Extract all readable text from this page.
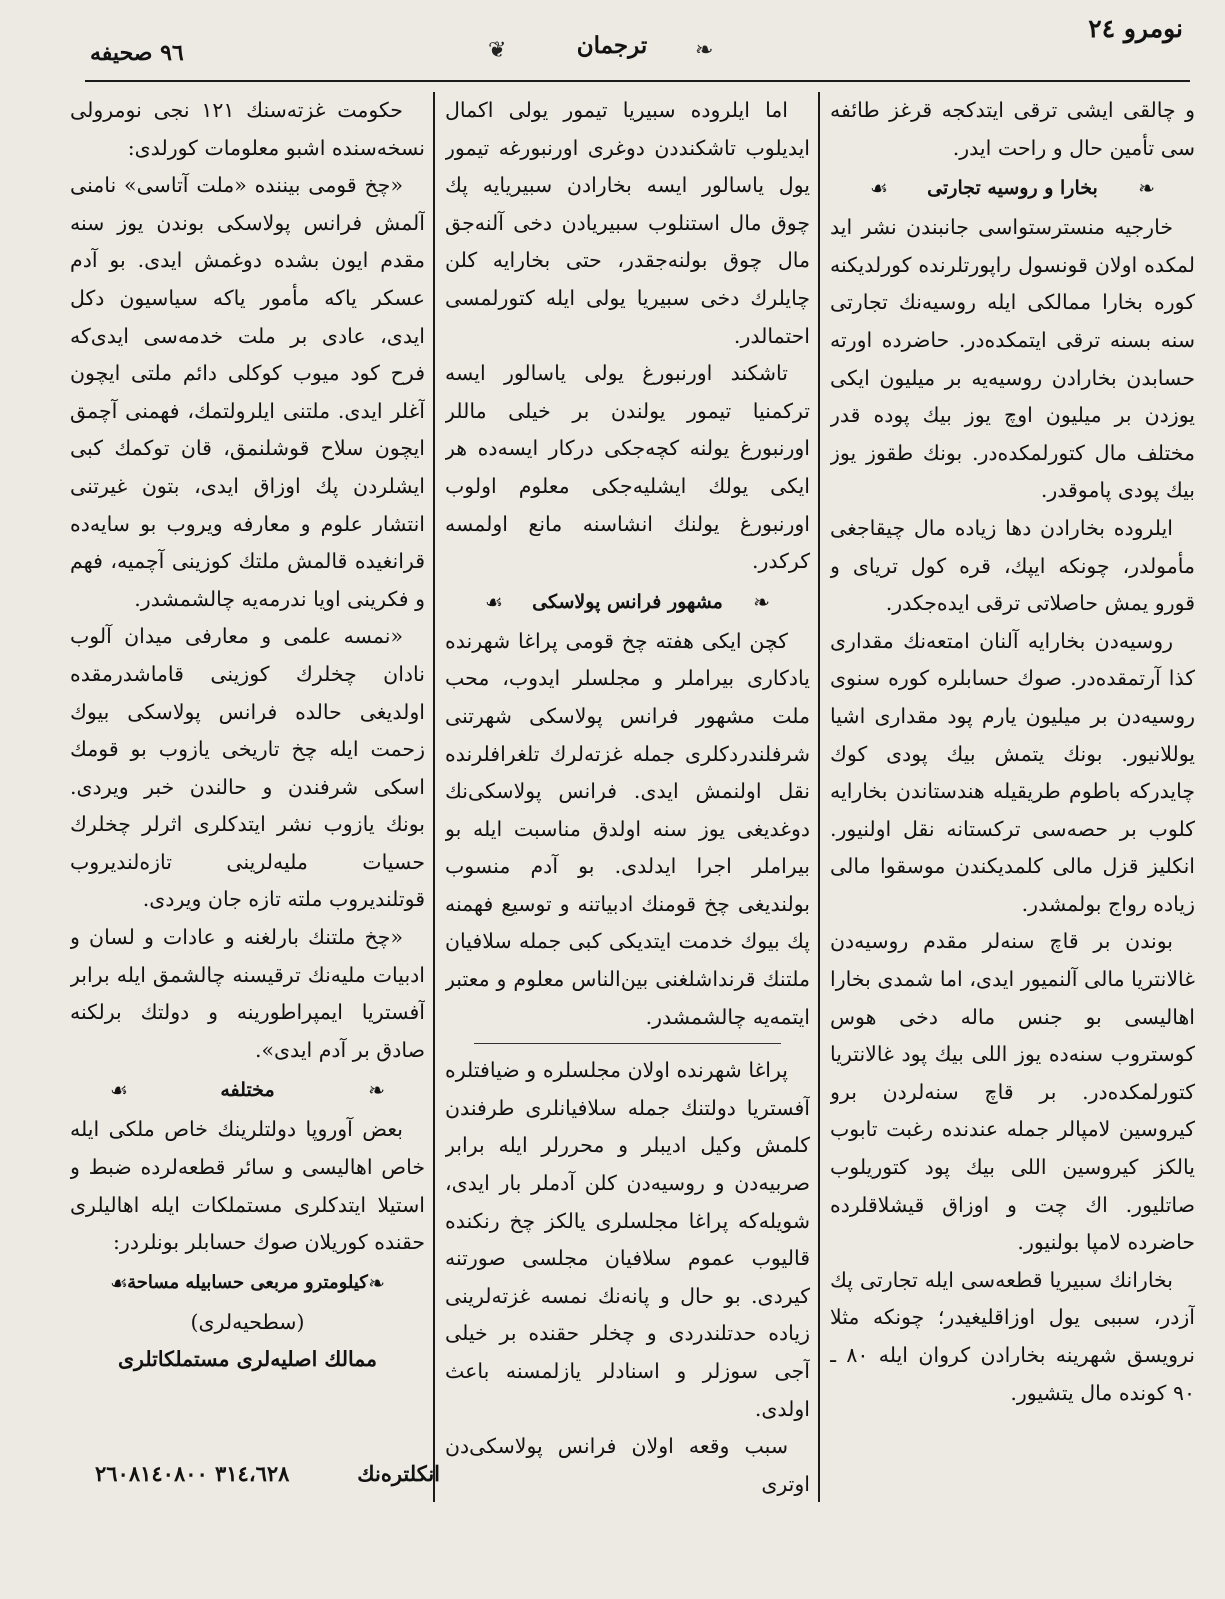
نومرو ٢٤
❦	ترجمان	❧
٩٦ صحيفه

و چالقى ايشى ترقى ايتدكجه قرغز طائفه سى تأمين حال و راحت ايدر.

❧
بخارا و روسيه تجارتى
☙

خارجيه منسترستواسى جانبندن نشر ايد لمكده اولان قونسول راپورتلرنده كورلديكنه كوره بخارا ممالكى ايله روسيه‌نك تجارتى سنه بسنه ترقى ايتمكده‌در. حاضرده اورته حسابدن بخارادن روسيه‌يه بر ميليون ايكى يوزدن بر ميليون اوچ يوز بيك پوده قدر مختلف مال كتورلمكده‌در. بونك طقوز يوز بيك پودى پاموقدر.

ايلروده بخارادن دها زياده مال چيقاجغى مأمولدر، چونكه ايپك، قره كول ترياى و قورو يمش حاصلاتى ترقى ايده‌جكدر.

روسيه‌دن بخارايه آلنان امتعه‌نك مقدارى كذا آرتمقده‌در. صوك حسابلره كوره سنوى روسيه‌دن بر ميليون يارم پود مقدارى اشيا يوللانيور. بونك يتمش بيك پودى كوك چايدركه باطوم طريقيله هندستاندن بخارايه كلوب بر حصه‌سى تركستانه نقل اولنيور. انكليز قزل مالى كلمديكندن موسقوا مالى زياده رواج بولمشدر.

بوندن بر قاچ سنه‌لر مقدم روسيه‌دن غالانتريا مالى آلنميور ايدى، اما شمدى بخارا اهاليسى بو جنس ماله دخى هوس كوستروب سنه‌ده يوز اللى بيك پود غالانتريا كتورلمكده‌در. بر قاچ سنه‌لردن برو كيروسين لامپالر جمله عندنده رغبت تابوب يالكز كيروسين اللى بيك پود كتوريلوب صاتليور. اك چت و اوزاق قيشلاقلرده حاضرده لامپا بولنيور.

بخارانك سبيريا قطعه‌سى ايله تجارتى پك آزدر، سببى يول اوزاقليغيدر؛ چونكه مثلا نرويسق شهرينه بخارادن كروان ايله ٨٠ ـ ٩٠ كونده مال يتشيور.

اما ايلروده سبيريا تيمور يولى اكمال ايديلوب تاشكنددن دوغرى اورنبورغه تيمور يول ياسالور ايسه بخارادن سبيريايه پك چوق مال استنلوب سبيريادن دخى آلنه‌جق مال چوق بولنه‌جقدر، حتى بخارايه كلن چايلرك دخى سبيريا يولى ايله كتورلمسى احتمالدر.

تاشكند اورنبورغ يولى ياسالور ايسه تركمنيا تيمور يولندن بر خيلى ماللر اورنبورغ يولنه كچه‌جكى دركار ايسه‌ده هر ايكى يولك ايشليه‌جكى معلوم اولوب اورنبورغ يولنك انشاسنه مانع اولمسه كركدر.

❧
مشهور فرانس پولاسكى
☙

كچن ايكى هفته چخ قومى پراغا شهرنده يادكارى بيراملر و مجلسلر ايدوب، محب ملت مشهور فرانس پولاسكى شهرتنى شرفلندردكلرى جمله غزته‌لرك تلغرافلرنده نقل اولنمش ايدى. فرانس پولاسكى‌نك دوغديغى يوز سنه اولدق مناسبت ايله بو بيراملر اجرا ايدلدى. بو آدم منسوب بولنديغى چخ قومنك ادبياتنه و توسيع فهمنه پك بيوك خدمت ايتديكى كبى جمله سلافيان ملتنك قرنداشلغنى بين‌الناس معلوم و معتبر ايتمه‌يه چالشمشدر.

پراغا شهرنده اولان مجلسلره و ضيافتلره آفستريا دولتنك جمله سلافيانلرى طرفندن كلمش وكيل اديبلر و محررلر ايله برابر صربيه‌دن و روسيه‌دن كلن آدملر بار ايدى، شويله‌كه پراغا مجلسلرى يالكز چخ رنكنده قاليوب عموم سلافيان مجلسى صورتنه كيردى. بو حال و پانه‌نك نمسه غزته‌لرينى زياده حدتلندردى و چخلر حقنده بر خيلى آجى سوزلر و اسنادلر يازلمسنه باعث اولدى.

سبب وقعه اولان فرانس پولاسكى‌دن اوترى

حكومت غزته‌سنك ١٢١ نجى نومرولى نسخه‌سنده اشبو معلومات كورلدى:

«چخ قومى بيننده «ملت آتاسى» نامنى آلمش فرانس پولاسكى بوندن يوز سنه مقدم ايون بشده دوغمش ايدى. بو آدم عسكر ياكه مأمور ياكه سياسيون دكل ايدى، عادى بر ملت خدمه‌سى ايدى‌كه فرح كود ميوب كوكلى دائم ملتى ايچون آغلر ايدى. ملتنى ايلرولتمك، فهمنى آچمق ايچون سلاح قوشلنمق، قان توكمك كبى ايشلردن پك اوزاق ايدى، بتون غيرتنى انتشار علوم و معارفه ويروب بو سايه‌ده قرانغيده قالمش ملتك كوزينى آچميه، فهم و فكرينى اويا ندرمه‌يه چالشمشدر.

«نمسه علمى و معارفى ميدان آلوب نادان چخلرك كوزينى قاماشدرمقده اولديغى حالده فرانس پولاسكى بيوك زحمت ايله چخ تاريخى يازوب بو قومك اسكى شرفندن و حالندن خبر ويردى. بونك يازوب نشر ايتدكلرى اثرلر چخلرك حسيات مليه‌لرينى تازه‌لنديروب قوتلنديروب ملته تازه جان ويردى.

«چخ ملتنك بارلغنه و عادات و لسان و ادبيات مليه‌نك ترقيسنه چالشمق ايله برابر آفستريا ايمپراطورينه و دولتك برلكنه صادق بر آدم ايدى».

❧
مختلفه
☙

بعض آوروپا دولتلرينك خاص ملكى ايله خاص اهاليسى و سائر قطعه‌لرده ضبط و استيلا ايتدكلرى مستملكات ايله اهاليلرى حقنده كوريلان صوك حسابلر بونلردر:

❧
كيلومترو مربعى حسابيله مساحة
☙

(سطحيه‌لرى)

ممالك اصليه‌لرى مستملكاتلرى

انكلتره‌نك
٣١٤،٦٢٨
٢٦٠٨١٤٠٨٠٠
